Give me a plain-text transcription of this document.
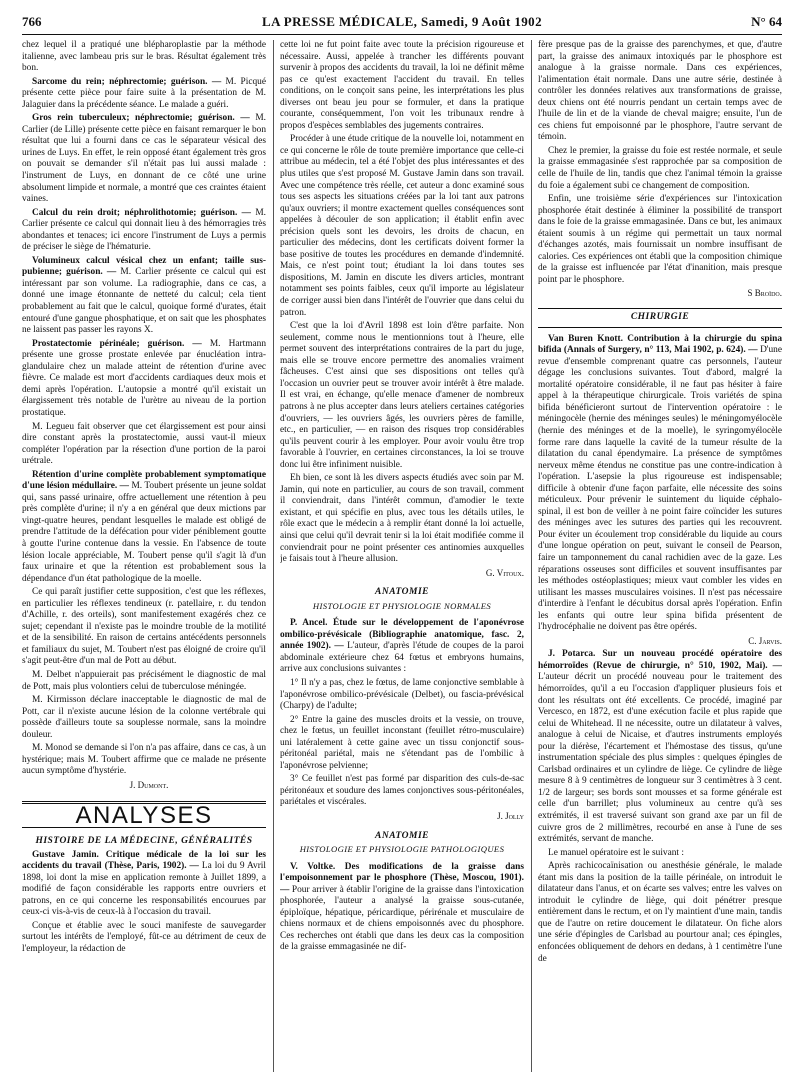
766	LA PRESSE MÉDICALE, Samedi, 9 Août 1902	N° 64

chez lequel il a pratiqué une blépharoplastie par la méthode italienne, avec lambeau pris sur le bras. Résultat également très bon.

Sarcome du rein; néphrectomie; guérison. — M. Picqué présente cette pièce pour faire suite à la présentation de M. Jalaguier dans la précédente séance. Le malade a guéri.

Gros rein tuberculeux; néphrectomie; guérison. — M. Carlier (de Lille) présente cette pièce en faisant remarquer le bon résultat que lui a fourni dans ce cas le séparateur vésical des urines de Luys. En effet, le rein opposé étant également très gros on pouvait se demander s'il n'était pas lui aussi malade : l'instrument de Luys, en donnant de ce côté une urine absolument limpide et normale, a montré que ces craintes étaient vaines.

Calcul du rein droit; néphrolithotomie; guérison. — M. Carlier présente ce calcul qui donnait lieu à des hémorragies très abondantes et tenaces; ici encore l'instrument de Luys a permis de préciser le siège de l'hématurie.

Volumineux calcul vésical chez un enfant; taille sus-pubienne; guérison. — M. Carlier présente ce calcul qui est intéressant par son volume. La radiographie, dans ce cas, a donné une image étonnante de netteté du calcul; cela tient probablement au fait que le calcul, quoique formé d'urates, était entouré d'une gangue phosphatique, et on sait que les phosphates ne laissent pas passer les rayons X.

Prostatectomie périnéale; guérison. — M. Hartmann présente une grosse prostate enlevée par énucléation intra-glandulaire chez un malade atteint de rétention d'urine avec fièvre. Ce malade est mort d'accidents cardiaques deux mois et demi après l'opération. L'autopsie a montré qu'il existait un élargissement très notable de l'urètre au niveau de la portion prostatique.

M. Legueu fait observer que cet élargissement est pour ainsi dire constant après la prostatectomie, aussi vaut-il mieux compléter l'opération par la résection d'une portion de la paroi urétrale.

Rétention d'urine complète probablement symptomatique d'une lésion médullaire. — M. Toubert présente un jeune soldat qui, sans passé urinaire, offre actuellement une rétention à peu près complète d'urine; il n'y a en général que deux mictions par vingt-quatre heures, pendant lesquelles le malade est obligé de prendre l'attitude de la défécation pour vider péniblement goutte à goutte l'urine contenue dans la vessie. En l'absence de toute lésion locale appréciable, M. Toubert pense qu'il s'agit là d'un faux urinaire et que la rétention est probablement sous la dépendance d'un état pathologique de la moelle.

Ce qui paraît justifier cette supposition, c'est que les réflexes, en particulier les réflexes tendineux (r. patellaire, r. du tendon d'Achille, r. des orteils), sont manifestement exagérés chez ce sujet; cependant il n'existe pas le moindre trouble de la motilité et de la sensibilité. En raison de certains antécédents personnels et familiaux du sujet, M. Toubert n'est pas éloigné de croire qu'il s'agit peut-être d'un mal de Pott au début.

M. Delbet n'appuierait pas précisément le diagnostic de mal de Pott, mais plus volontiers celui de tuberculose méningée.

M. Kirmisson déclare inacceptable le diagnostic de mal de Pott, car il n'existe aucune lésion de la colonne vertébrale qui possède d'ailleurs toute sa souplesse normale, sans la moindre douleur.

M. Monod se demande si l'on n'a pas affaire, dans ce cas, à un hystérique; mais M. Toubert affirme que ce malade ne présente aucun symptôme d'hystérie.

J. Dumont.

ANALYSES
HISTOIRE DE LA MÉDECINE, GÉNÉRALITÉS

Gustave Jamin. Critique médicale de la loi sur les accidents du travail (Thèse, Paris, 1902). — La loi du 9 Avril 1898, loi dont la mise en application remonte à Juillet 1899, a modifié de façon considérable les rapports entre ouvriers et patrons, en ce qui concerne les responsabilités encourues par ceux-ci vis-à-vis de ceux-là à l'occasion du travail.

Conçue et établie avec le souci manifeste de sauvegarder surtout les intérêts de l'employé, fût-ce au détriment de ceux de l'employeur, la rédaction de

cette loi ne fut point faite avec toute la précision rigoureuse et nécessaire. Aussi, appelée à trancher les différents pouvant survenir à propos des accidents du travail, la loi ne définit même pas ce qu'est exactement l'accident du travail. En telles conditions, on le conçoit sans peine, les interprétations les plus diverses ont beau jeu pour se formuler, et dans la pratique courante, conséquemment, l'on voit les tribunaux rendre à propos d'espèces semblables des jugements contraires.

Procéder à une étude critique de la nouvelle loi, notamment en ce qui concerne le rôle de toute première importance que celle-ci attribue au médecin, tel a été l'objet des plus intéressantes et des plus utiles que s'est proposé M. Gustave Jamin dans son travail. Avec une compétence très réelle, cet auteur a donc examiné sous tous ses aspects les situations créées par la loi tant aux patrons qu'aux ouvriers; il montre exactement quelles conséquences sont appelées à découler de son application; il établit enfin avec précision quels sont les devoirs, les droits de chacun, en particulier des médecins, dont les certificats doivent former la base positive de toutes les procédures en demande d'indemnité. Mais, ce n'est point tout; étudiant la loi dans toutes ses dispositions, M. Jamin en discute les divers articles, montrant notamment ses points faibles, ceux qu'il importe au législateur de corriger aussi bien dans l'intérêt de l'ouvrier que dans celui du patron.

C'est que la loi d'Avril 1898 est loin d'être parfaite. Non seulement, comme nous le mentionnions tout à l'heure, elle permet souvent des interprétations contraires de la part du juge, mais elle se trouve encore permettre des anomalies vraiment fâcheuses. C'est ainsi que ses dispositions ont telles qu'à l'occasion un ouvrier peut se trouver avoir intérêt à être malade. Il est vrai, en échange, qu'elle menace d'amener de nombreux patrons à ne plus accepter dans leurs ateliers certaines catégories d'ouvriers, — les ouvriers âgés, les ouvriers pères de famille, etc., en particulier, — en raison des risques trop considérables qu'ils peuvent courir à les employer. Pour avoir voulu être trop favorable à l'ouvrier, en certaines circonstances, la loi se trouve donc lui être infiniment nuisible.

Eh bien, ce sont là les divers aspects étudiés avec soin par M. Jamin, qui note en particulier, au cours de son travail, comment il conviendrait, dans l'intérêt commun, d'amodier le texte existant, et qui spécifie en plus, avec tous les détails utiles, le rôle exact que le médecin a à remplir étant donné la loi actuelle, ainsi que celui qu'il devrait tenir si la loi était modifiée comme il conviendrait pour ne point présenter ces antinomies auxquelles je faisais tout à l'heure allusion.

G. Vitoux.

ANATOMIE
HISTOLOGIE ET PHYSIOLOGIE NORMALES

P. Ancel. Étude sur le développement de l'aponévrose ombilico-prévésicale (Bibliographie anatomique, fasc. 2, année 1902). — L'auteur, d'après l'étude de coupes de la paroi abdominale extérieure chez 64 fœtus et embryons humains, arrive aux conclusions suivantes :

1° Il n'y a pas, chez le fœtus, de lame conjonctive semblable à l'aponévrose ombilico-prévésicale (Delbet), ou fascia-prévésical (Charpy) de l'adulte;

2° Entre la gaine des muscles droits et la vessie, on trouve, chez le fœtus, un feuillet inconstant (feuillet rétro-musculaire) uni latéralement à cette gaine avec un tissu conjonctif sous-péritonéal pariétal, mais ne s'étendant pas de l'ombilic à l'aponévrose pelvienne;

3° Ce feuillet n'est pas formé par disparition des culs-de-sac péritonéaux et soudure des lames conjonctives sous-péritonéales, pariétales et viscérales.

J. Jolly

ANATOMIE
HISTOLOGIE ET PHYSIOLOGIE PATHOLOGIQUES

V. Voltke. Des modifications de la graisse dans l'empoisonnement par le phosphore (Thèse, Moscou, 1901). — Pour arriver à établir l'origine de la graisse dans l'intoxication phosphorée, l'auteur a analysé la graisse sous-cutanée, épiploïque, hépatique, péricardique, périrénale et musculaire de chiens normaux et de chiens empoisonnés avec du phosphore. Ces recherches ont établi que dans les deux cas la composition de la graisse emmagasinée ne dif-

fère presque pas de la graisse des parenchymes, et que, d'autre part, la graisse des animaux intoxiqués par le phosphore est analogue à la graisse normale. Dans ces expériences, l'alimentation était normale. Dans une autre série, destinée à contrôler les données relatives aux transformations de graisse, deux chiens ont été nourris pendant un certain temps avec de l'huile de lin et de la viande de cheval maigre; ensuite, l'un de ces chiens fut empoisonné par le phosphore, l'autre servant de témoin.

Chez le premier, la graisse du foie est restée normale, et seule la graisse emmagasinée s'est rapprochée par sa composition de celle de l'huile de lin, tandis que chez l'animal témoin la graisse du foie a également subi ce changement de composition.

Enfin, une troisième série d'expériences sur l'intoxication phosphorée était destinée à éliminer la possibilité de transport dans le foie de la graisse emmagasinée. Dans ce but, les animaux étaient soumis à un régime qui permettait un taux normal d'échanges azotés, mais fournissait un nombre insuffisant de calories. Ces expériences ont établi que la composition chimique de la graisse est influencée par l'état d'inanition, mais presque point par le phosphore.

S Broïdo.

CHIRURGIE

Van Buren Knott. Contribution à la chirurgie du spina bifida (Annals of Surgery, n° 113, Mai 1902, p. 624). — D'une revue d'ensemble comprenant quatre cas personnels, l'auteur dégage les conclusions suivantes. Tout d'abord, malgré la mortalité opératoire considérable, il ne faut pas hésiter à faire appel à la thérapeutique chirurgicale. Trois variétés de spina bifida bénéficieront surtout de l'intervention opératoire : le méningocèle (hernie des méninges seules) le méningomyélocèle (hernie des méninges et de la moelle), le syringomyélocèle forme rare dans laquelle la cavité de la tumeur résulte de la dilatation du canal épendymaire. La présence de symptômes nerveux même étendus ne constitue pas une contre-indication à l'opération. L'asepsie la plus rigoureuse est indispensable; difficile à obtenir d'une façon parfaite, elle nécessite des soins méticuleux. Pour prévenir le suintement du liquide céphalo-spinal, il est bon de veiller à ne point faire coïncider les sutures des méninges avec les sutures des parties qui les recouvrent. Pour éviter un écoulement trop considérable du liquide au cours d'une longue opération on peut, suivant le conseil de Pearson, faire un tamponnement du canal rachidien avec de la gaze. Les réparations osseuses sont difficiles et souvent insuffisantes par les méthodes ostéoplastiques; mieux vaut combler les vides en utilisant les masses musculaires voisines. Il n'est pas nécessaire d'interdire à l'enfant le décubitus dorsal après l'opération. Enfin les enfants qui outre leur spina bifida présentent de l'hydrocéphalie ne doivent pas être opérés.

C. Jarvis.

J. Potarca. Sur un nouveau procédé opératoire des hémorroïdes (Revue de chirurgie, n° 510, 1902, Mai). — L'auteur décrit un procédé nouveau pour le traitement des hémorroïdes, qu'il a eu l'occasion d'appliquer plusieurs fois et dont les résultats ont été excellents. Ce procédé, imaginé par Vercesco, en 1872, est d'une exécution facile et plus rapide que celui de Whitehead. Il ne nécessite, outre un dilatateur à valves, analogue à celui de Nicaise, et d'autres instruments employés pour la diérèse, l'écartement et l'hémostase des tissus, qu'une instrumentation spéciale des plus simples : quelques épingles de Carlsbad ordinaires et un cylindre de liège. Ce cylindre de liège mesure 8 à 9 centimètres de longueur sur 3 centimètres à 3 cent. 1/2 de largeur; ses bords sont mousses et sa forme générale est celle d'un barrillet; plus volumineux au centre qu'à ses extrémités, il est traversé suivant son grand axe par un fil de cuivre gros de 2 millimètres, recourbé en anse à l'une de ses extrémités, servant de manche.

Le manuel opératoire est le suivant :

Après rachicocaïnisation ou anesthésie générale, le malade étant mis dans la position de la taille périnéale, on introduit le dilatateur dans l'anus, et on écarte ses valves; entre les valves on introduit le cylindre de liège, qui doit pénétrer presque entièrement dans le rectum, et on l'y maintient d'une main, tandis que de l'autre on retire doucement le dilatateur. On fiche alors une série d'épingles de Carlsbad au pourtour anal; ces épingles, enfoncées obliquement de dehors en dedans, à 1 centimètre l'une de
